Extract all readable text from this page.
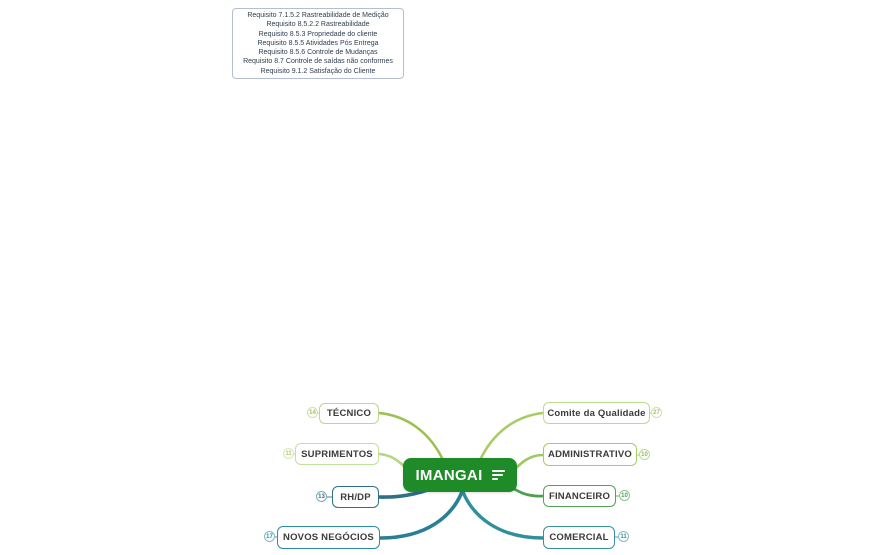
Requisito 7.1.5.2 Rastreabilidade de Medição
Requisito 8.5.2.2 Rastreabilidade
Requisito 8.5.3 Propriedade do cliente
Requisito 8.5.5 Atividades Pós Entrega
Requisito 8.5.6 Controle de Mudanças
Requisito 8.7 Controle de saídas não conformes
Requisito 9.1.2 Satisfação do Cliente
IMANGAI
TÉCNICO
SUPRIMENTOS
RH/DP
NOVOS NEGÓCIOS
Comite da Qualidade
ADMINISTRATIVO
FINANCEIRO
COMERCIAL
14
11
13
17
27
10
10
11
